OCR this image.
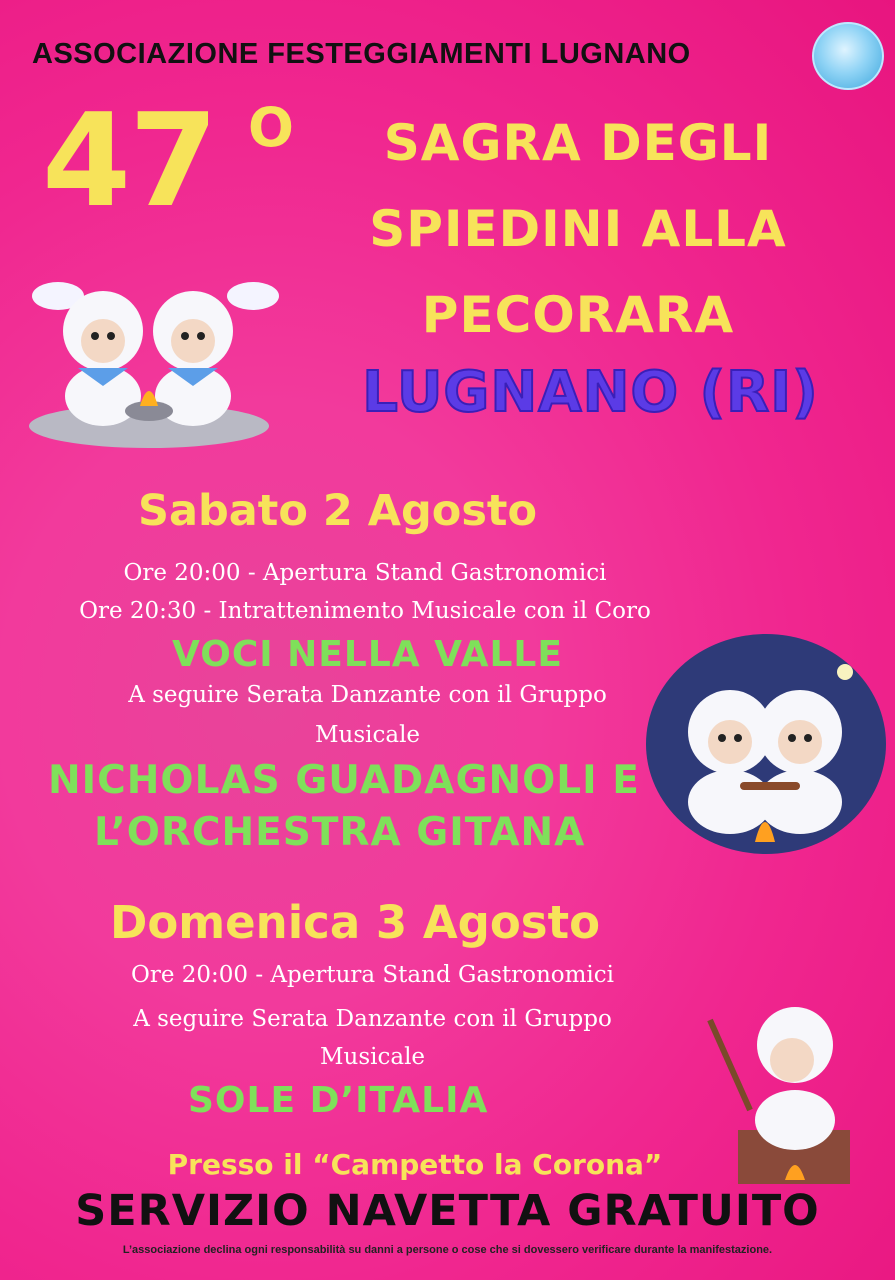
ASSOCIAZIONE FESTEGGIAMENTI LUGNANO
47 O	SAGRA DEGLI
SPIEDINI ALLA
PECORARA
LUGNANO (RI)
Sabato 2 Agosto
Ore 20:00 - Apertura Stand Gastronomici
Ore 20:30 - Intrattenimento Musicale con il Coro
VOCI NELLA VALLE
A seguire Serata Danzante con il Gruppo
Musicale
NICHOLAS GUADAGNOLI E
L’ORCHESTRA GITANA
Domenica 3 Agosto
Ore 20:00 - Apertura Stand Gastronomici
A seguire Serata Danzante con il Gruppo
Musicale
SOLE D’ITALIA
Presso il “Campetto la Corona”
SERVIZIO NAVETTA GRATUITO
L’associazione declina ogni responsabilità su danni a persone o cose che si dovessero verificare durante la manifestazione.
